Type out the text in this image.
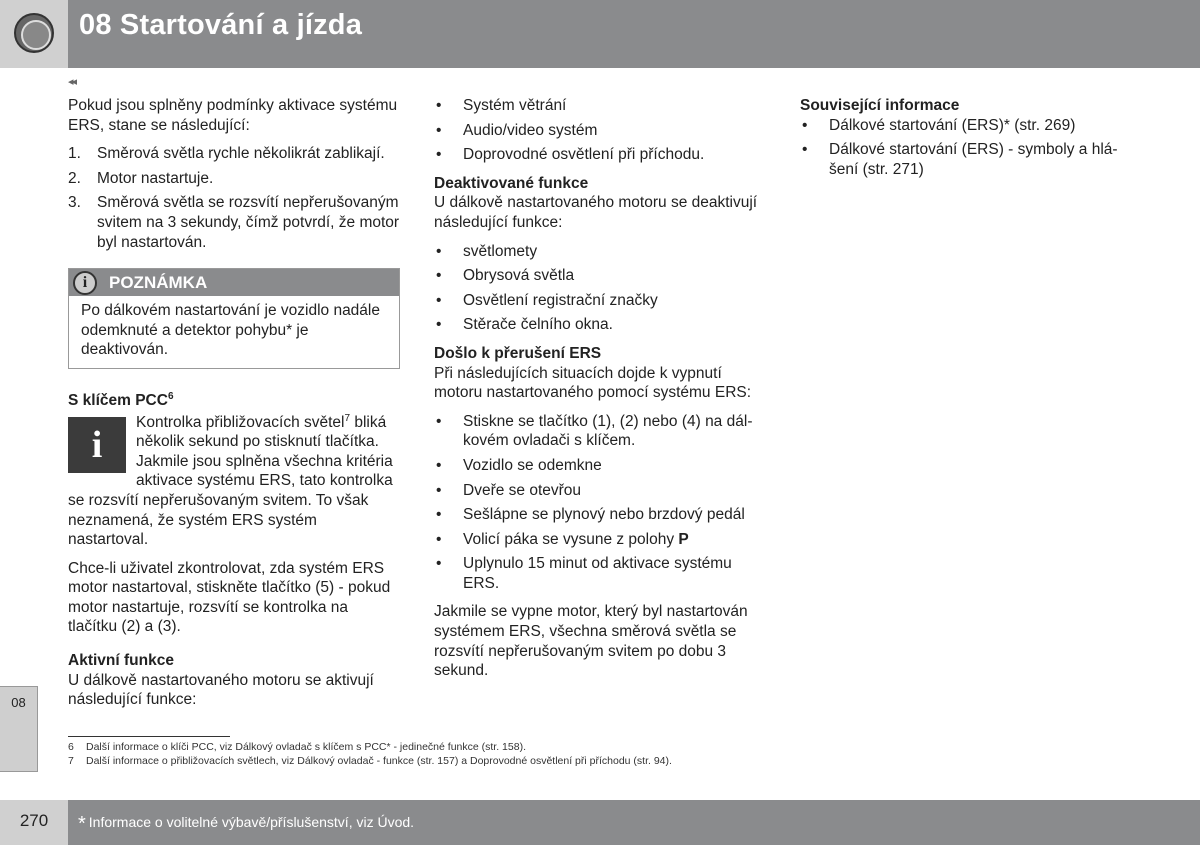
08 Startování a jízda
◂◂

Pokud jsou splněny podmínky aktivace systému ERS, stane se následující:

1. Směrová světla rychle několikrát zablikají.
2. Motor nastartuje.
3. Směrová světla se rozsvítí nepřerušovaným svitem na 3 sekundy, čímž potvrdí, že motor byl nastartován.
i	POZNÁMKA
Po dálkovém nastartování je vozidlo nadále odemknuté a detektor pohybu* je deaktivován.
S klíčem PCC$^6$

i
Kontrolka přibližovacích světel$^7$ bliká několik sekund po stisknutí tlačítka. Jakmile jsou splněna všechna kritéria aktivace systému ERS, tato kontrolka se rozsvítí nepřerušovaným svitem. To však neznamená, že systém ERS systém nastartoval.

Chce-li uživatel zkontrolovat, zda systém ERS motor nastartoval, stiskněte tlačítko (5) - pokud motor nastartuje, rozsvítí se kontrolka na tlačítku (2) a (3).

Aktivní funkce

U dálkově nastartovaného motoru se aktivují následující funkce:

• Systém větrání
• Audio/video systém
• Doprovodné osvětlení při příchodu.
Deaktivované funkce

U dálkově nastartovaného motoru se deaktivují následující funkce:

• světlomety
• Obrysová světla
• Osvětlení registrační značky
• Stěrače čelního okna.
Došlo k přerušení ERS

Při následujících situacích dojde k vypnutí motoru nastartovaného pomocí systému ERS:

• Stiskne se tlačítko (1), (2) nebo (4) na dálkovém ovladači s klíčem.
• Vozidlo se odemkne
• Dveře se otevřou
• Sešlápne se plynový nebo brzdový pedál
• Volicí páka se vysune z polohy P
• Uplynulo 15 minut od aktivace systému ERS.

Jakmile se vypne motor, který byl nastartován systémem ERS, všechna směrová světla se rozsvítí nepřerušovaným svitem po dobu 3 sekund.

Související informace
• Dálkové startování (ERS)* (str. 269)
• Dálkové startování (ERS) - symboly a hlášení (str. 271)
08
6 Další informace o klíči PCC, viz Dálkový ovladač s klíčem s PCC* - jedinečné funkce (str. 158).
7 Další informace o přibližovacích světlech, viz Dálkový ovladač - funkce (str. 157) a Doprovodné osvětlení při příchodu (str. 94).
270	* Informace o volitelné výbavě/příslušenství, viz Úvod.
